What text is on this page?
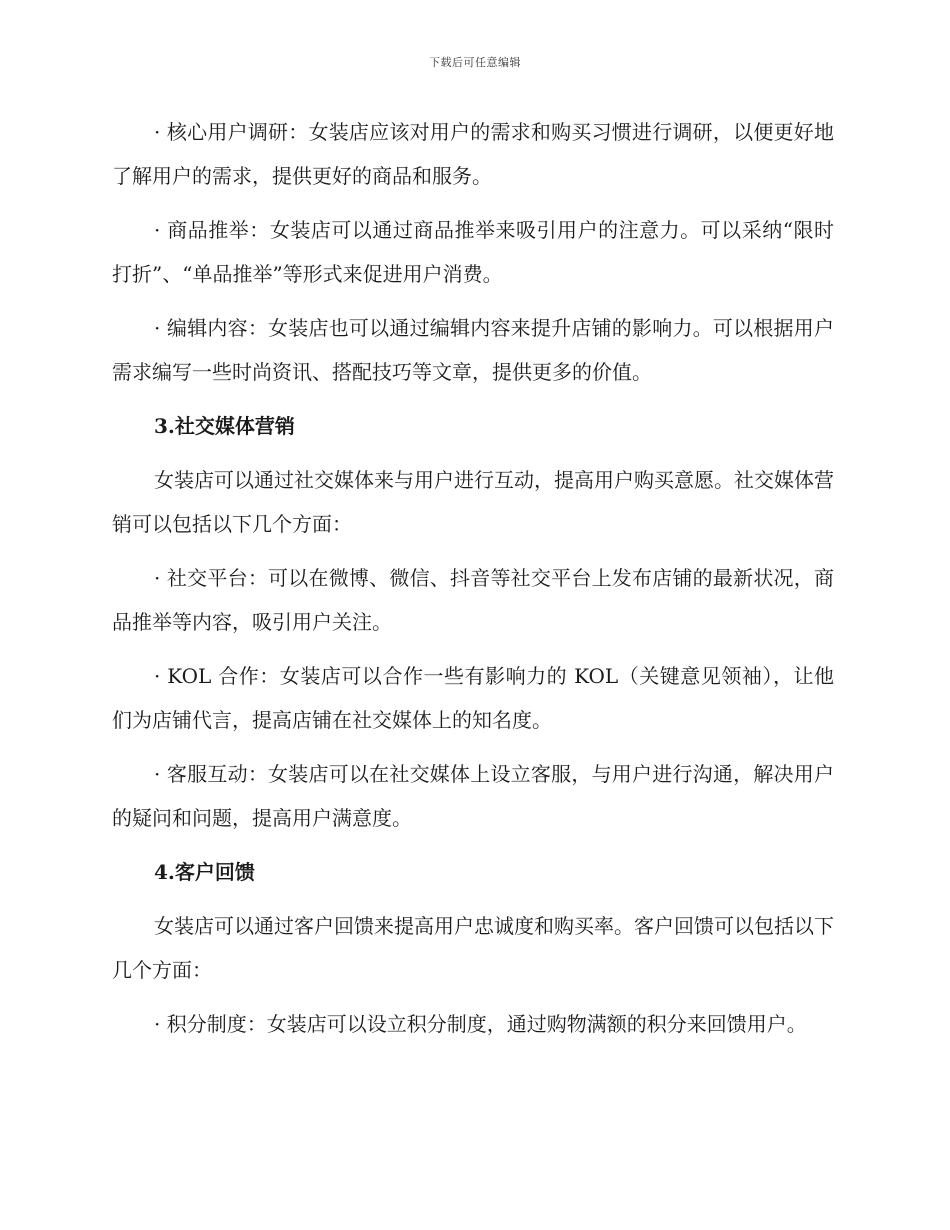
下载后可任意编辑

· 核心用户调研：女装店应该对用户的需求和购买习惯进行调研，以便更好地了解用户的需求，提供更好的商品和服务。

· 商品推举：女装店可以通过商品推举来吸引用户的注意力。可以采纳“限时打折”、“单品推举”等形式来促进用户消费。

· 编辑内容：女装店也可以通过编辑内容来提升店铺的影响力。可以根据用户需求编写一些时尚资讯、搭配技巧等文章，提供更多的价值。

3.社交媒体营销

女装店可以通过社交媒体来与用户进行互动，提高用户购买意愿。社交媒体营销可以包括以下几个方面：

· 社交平台：可以在微博、微信、抖音等社交平台上发布店铺的最新状况，商品推举等内容，吸引用户关注。

· KOL 合作：女装店可以合作一些有影响力的 KOL（关键意见领袖），让他们为店铺代言，提高店铺在社交媒体上的知名度。

· 客服互动：女装店可以在社交媒体上设立客服，与用户进行沟通，解决用户的疑问和问题，提高用户满意度。

4.客户回馈

女装店可以通过客户回馈来提高用户忠诚度和购买率。客户回馈可以包括以下几个方面：

· 积分制度：女装店可以设立积分制度，通过购物满额的积分来回馈用户。
